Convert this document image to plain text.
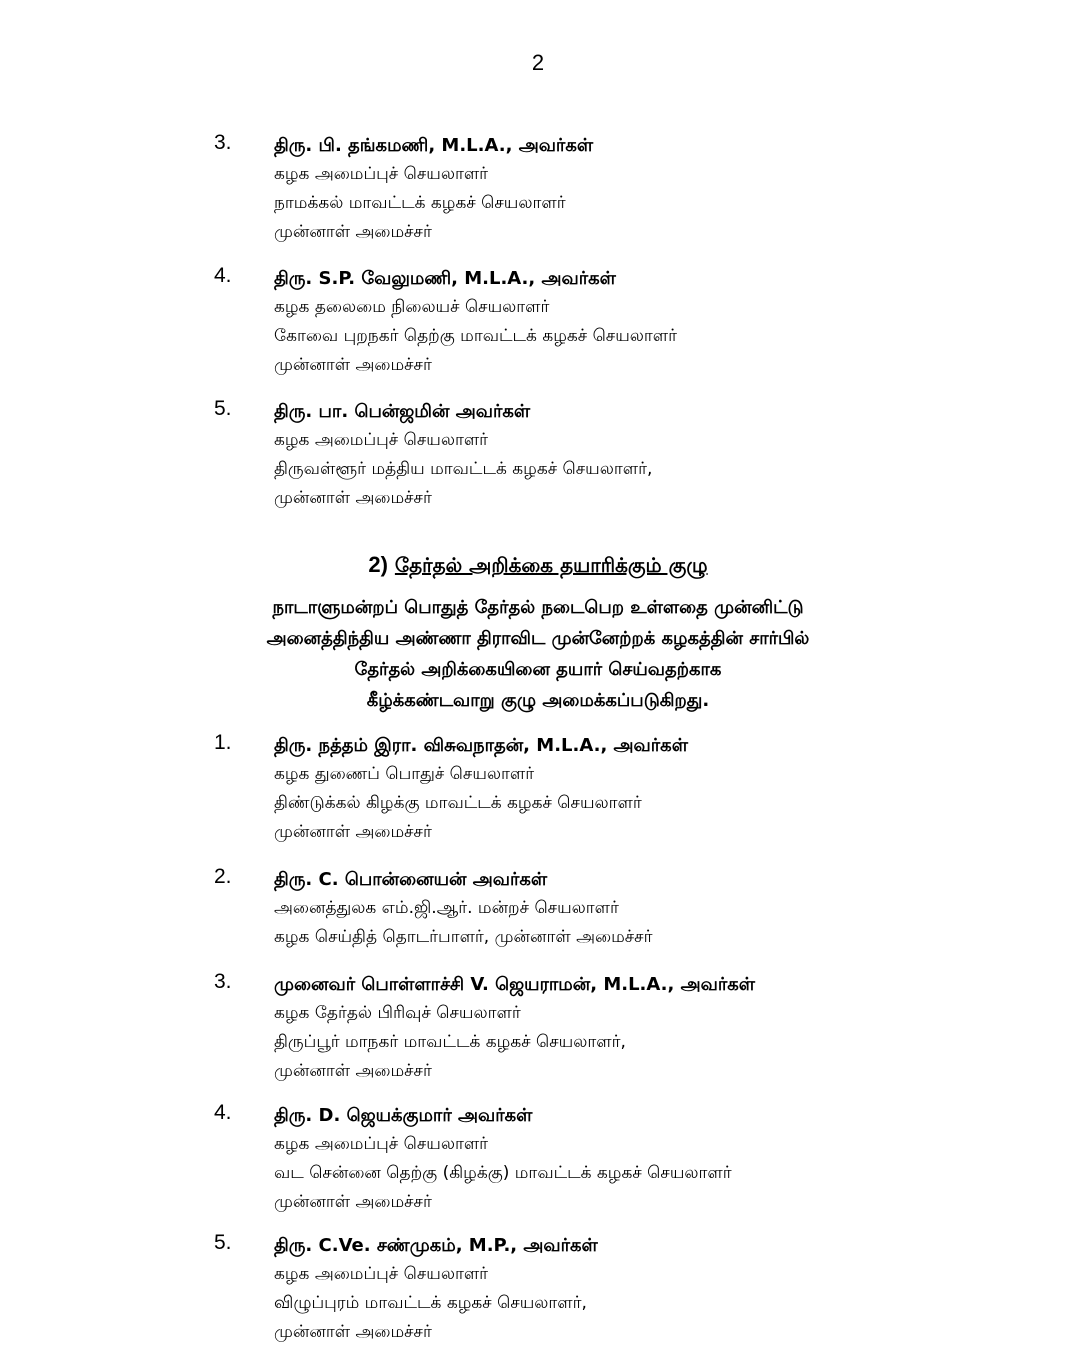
2
3. திரு. பி. தங்கமணி, M.L.A., அவர்கள்
கழக அமைப்புச் செயலாளர்
நாமக்கல் மாவட்டக் கழகச் செயலாளர்
முன்னாள் அமைச்சர்
4. திரு. S.P. வேலுமணி, M.L.A., அவர்கள்
கழக தலைமை நிலையச் செயலாளர்
கோவை புறநகர் தெற்கு மாவட்டக் கழகச் செயலாளர்
முன்னாள் அமைச்சர்
5. திரு. பா. பென்ஜமின் அவர்கள்
கழக அமைப்புச் செயலாளர்
திருவள்ளூர் மத்திய மாவட்டக் கழகச் செயலாளர்,
முன்னாள் அமைச்சர்
2) தேர்தல் அறிக்கை தயாரிக்கும் குழு
நாடாளுமன்றப் பொதுத் தேர்தல் நடைபெற உள்ளதை முன்னிட்டு
அனைத்திந்திய அண்ணா திராவிட முன்னேற்றக் கழகத்தின் சார்பில்
தேர்தல் அறிக்கையினை தயார் செய்வதற்காக
கீழ்க்கண்டவாறு குழு அமைக்கப்படுகிறது.
1. திரு. நத்தம் இரா. விசுவநாதன், M.L.A., அவர்கள்
கழக துணைப் பொதுச் செயலாளர்
திண்டுக்கல் கிழக்கு மாவட்டக் கழகச் செயலாளர்
முன்னாள் அமைச்சர்
2. திரு. C. பொன்னையன் அவர்கள்
அனைத்துலக எம்.ஜி.ஆர். மன்றச் செயலாளர்
கழக செய்தித் தொடர்பாளர், முன்னாள் அமைச்சர்
3. முனைவர் பொள்ளாச்சி V. ஜெயராமன், M.L.A., அவர்கள்
கழக தேர்தல் பிரிவுச் செயலாளர்
திருப்பூர் மாநகர் மாவட்டக் கழகச் செயலாளர்,
முன்னாள் அமைச்சர்
4. திரு. D. ஜெயக்குமார் அவர்கள்
கழக அமைப்புச் செயலாளர்
வட சென்னை தெற்கு (கிழக்கு) மாவட்டக் கழகச் செயலாளர்
முன்னாள் அமைச்சர்
5. திரு. C.Ve. சண்முகம், M.P., அவர்கள்
கழக அமைப்புச் செயலாளர்
விழுப்புரம் மாவட்டக் கழகச் செயலாளர்,
முன்னாள் அமைச்சர்
